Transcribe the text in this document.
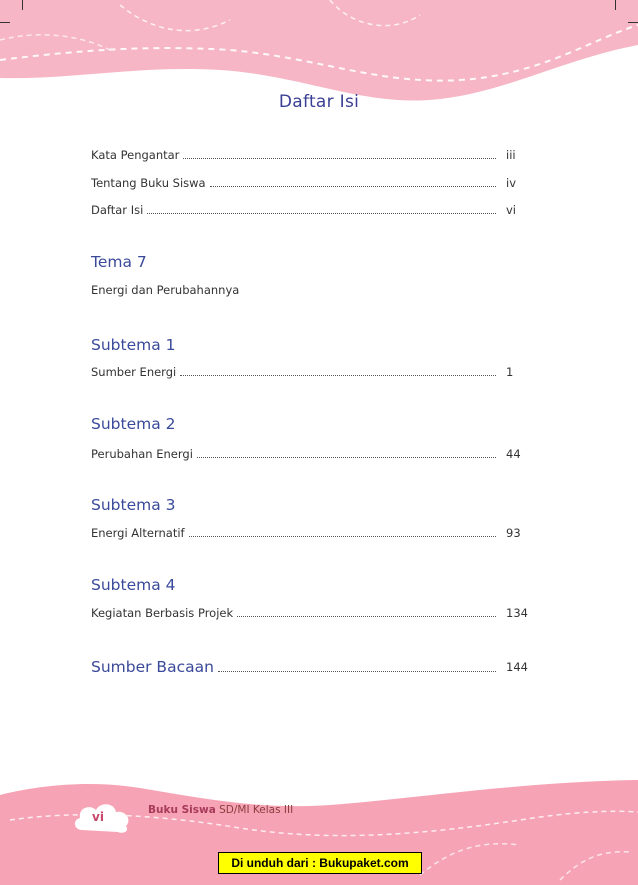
Daftar Isi
Kata Pengantar	iii
Tentang Buku Siswa	iv
Daftar Isi	vi
Tema 7
Energi dan Perubahannya
Subtema 1
Sumber Energi	1
Subtema 2
Perubahan Energi	44
Subtema 3
Energi Alternatif	93
Subtema 4
Kegiatan Berbasis Projek	134
Sumber Bacaan	144
vi	Buku Siswa SD/MI Kelas III
Di unduh dari : Bukupaket.com
